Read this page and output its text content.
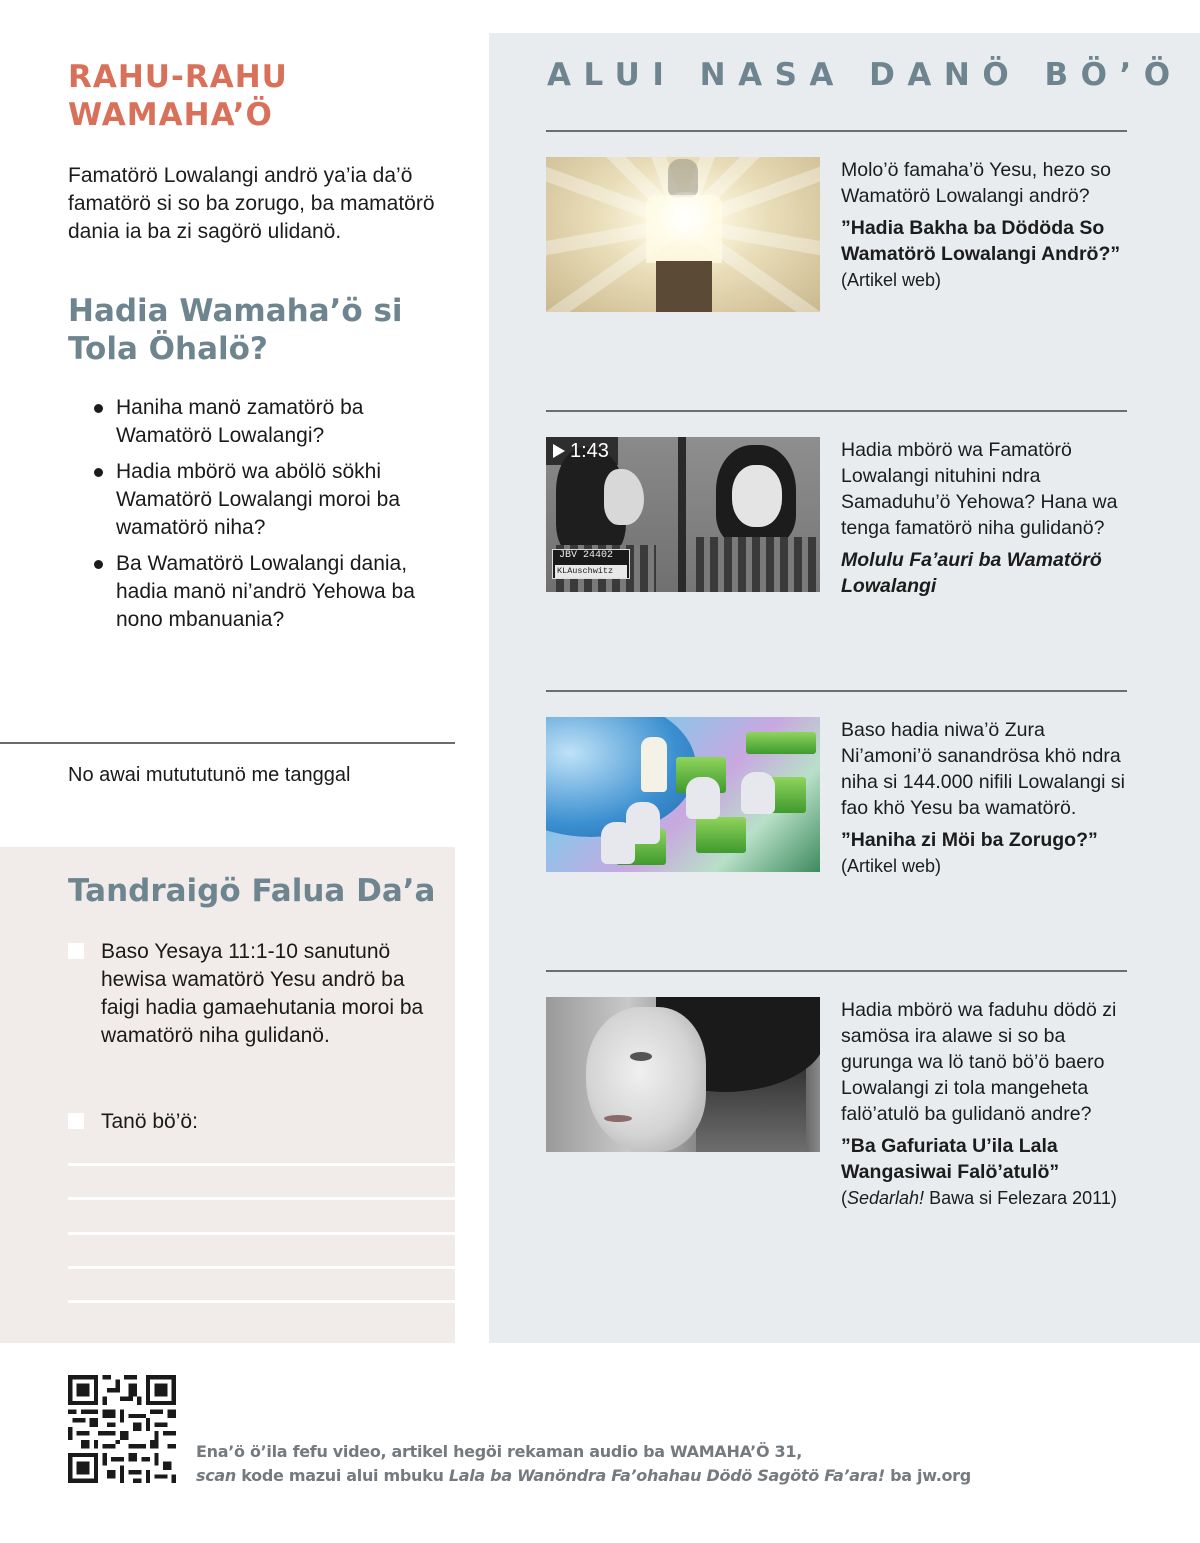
RAHU-RAHU WAMAHA’Ö

Famatörö Lowalangi andrö ya’ia da’ö famatörö si so ba zorugo, ba mamatörö dania ia ba zi sagörö ulidanö.

Hadia Wamaha’ö si Tola Öhalö?
Haniha manö zamatörö ba Wamatörö Lowalangi?
Hadia mbörö wa abölö sökhi Wamatörö Lowalangi moroi ba wamatörö niha?
Ba Wamatörö Lowalangi dania, hadia manö ni’andrö Yehowa ba nono mbanuania?
No awai mutututunö me tanggal
Tandraigö Falua Da’a
Baso Yesaya 11:1-10 sanutunö hewisa wamatörö Yesu andrö ba faigi hadia gamaehutania moroi ba wamatörö niha gulidanö.
Tanö bö’ö:
ALUI NASA DANÖ BÖ’Ö
Molo’ö famaha’ö Yesu, hezo so Wamatörö Lowalangi andrö?
”Hadia Bakha ba Dödöda So Wamatörö Lowalangi Andrö?”
(Artikel web)
JBV 24402
KLAuschwitz
1:43	Hadia mbörö wa Famatörö Lowalangi nituhini ndra Samaduhu’ö Yehowa? Hana wa tenga famatörö niha gulidanö?
Molulu Fa’auri ba Wamatörö Lowalangi
Baso hadia niwa’ö Zura Ni’amoni’ö sanandrösa khö ndra niha si 144.000 nifili Lowalangi si fao khö Yesu ba wamatörö.
”Haniha zi Möi ba Zorugo?”
(Artikel web)
Hadia mbörö wa faduhu dödö zi samösa ira alawe si so ba gurunga wa lö tanö bö’ö baero Lowalangi zi tola mangeheta falö’atulö ba gulidanö andre?
”Ba Gafuriata U’ila Lala Wangasiwai Falö’atulö”
(Sedarlah! Bawa si Felezara 2011)
Ena’ö ö’ila fefu video, artikel hegöi rekaman audio ba WAMAHA’Ö 31,
scan kode mazui alui mbuku Lala ba Wanöndra Fa’ohahau Dödö Sagötö Fa’ara! ba jw.org
